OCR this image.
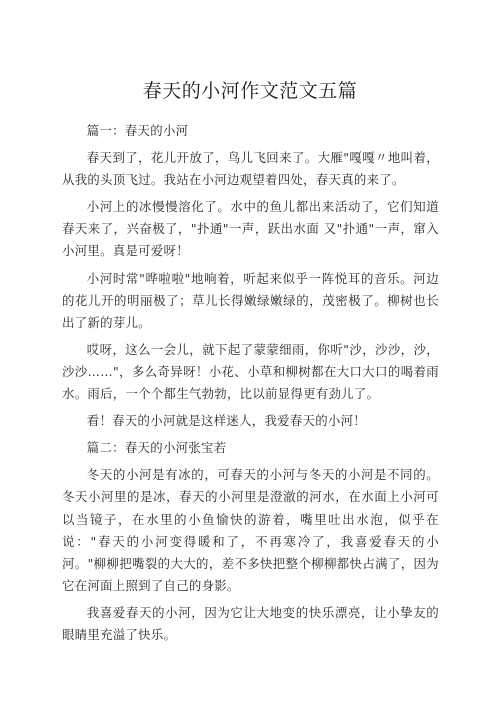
春天的小河作文范文五篇

篇一：春天的小河

春天到了，花儿开放了，鸟儿飞回来了。大雁"嘎嘎〃地叫着，从我的头顶飞过。我站在小河边观望着四处，春天真的来了。

小河上的冰慢慢溶化了。水中的鱼儿都出来活动了，它们知道春天来了，兴奋极了，"扑通"一声，跃出水面 又"扑通"一声，窜入小河里。真是可爱呀！

小河时常"哗啦啦"地响着，听起来似乎一阵悦耳的音乐。河边的花儿开的明丽极了；草儿长得嫩绿嫩绿的，茂密极了。柳树也长出了新的芽儿。

哎呀，这么一会儿，就下起了蒙蒙细雨，你听"沙，沙沙，沙，沙沙……"，多么奇异呀！小花、小草和柳树都在大口大口的喝着雨水。雨后，一个个都生气勃勃，比以前显得更有劲儿了。

看！春天的小河就是这样迷人，我爱春天的小河！

篇二：春天的小河张宝若

冬天的小河是有冰的，可春天的小河与冬天的小河是不同的。冬天小河里的是冰，春天的小河里是澄澈的河水，在水面上小河可以当镜子，在水里的小鱼愉快的游着，嘴里吐出水泡，似乎在说："春天的小河变得暖和了，不再寒冷了，我喜爱春天的小河。"柳柳把嘴裂的大大的，差不多快把整个柳柳都快占满了，因为它在河面上照到了自己的身影。

我喜爱春天的小河，因为它让大地变的快乐漂亮，让小挚友的眼睛里充溢了快乐。
